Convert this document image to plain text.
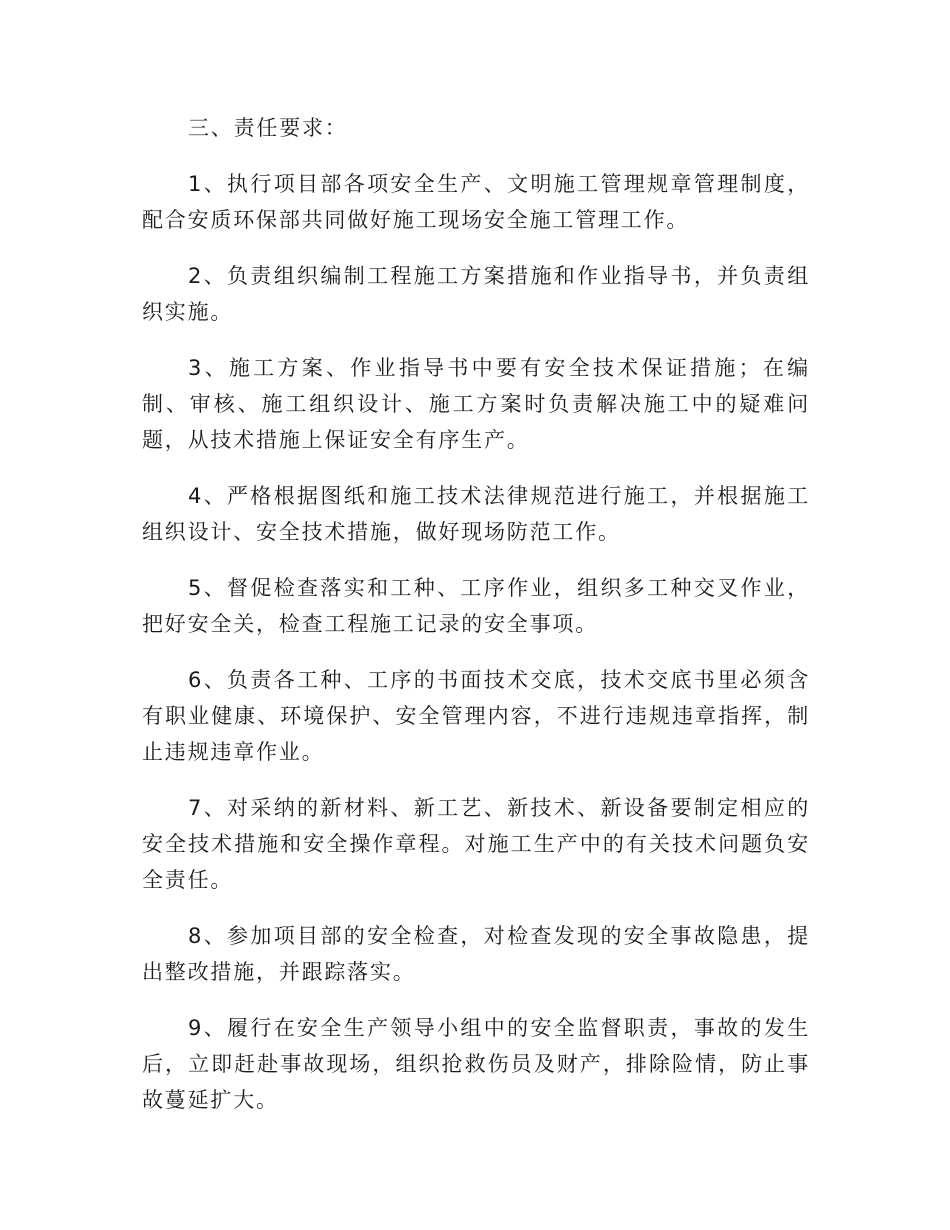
三、责任要求：

1、执行项目部各项安全生产、文明施工管理规章管理制度，配合安质环保部共同做好施工现场安全施工管理工作。

2、负责组织编制工程施工方案措施和作业指导书，并负责组织实施。

3、施工方案、作业指导书中要有安全技术保证措施；在编制、审核、施工组织设计、施工方案时负责解决施工中的疑难问题，从技术措施上保证安全有序生产。

4、严格根据图纸和施工技术法律规范进行施工，并根据施工组织设计、安全技术措施，做好现场防范工作。

5、督促检查落实和工种、工序作业，组织多工种交叉作业，把好安全关，检查工程施工记录的安全事项。

6、负责各工种、工序的书面技术交底，技术交底书里必须含有职业健康、环境保护、安全管理内容，不进行违规违章指挥，制止违规违章作业。

7、对采纳的新材料、新工艺、新技术、新设备要制定相应的安全技术措施和安全操作章程。对施工生产中的有关技术问题负安全责任。

8、参加项目部的安全检查，对检查发现的安全事故隐患，提出整改措施，并跟踪落实。

9、履行在安全生产领导小组中的安全监督职责，事故的发生后，立即赶赴事故现场，组织抢救伤员及财产，排除险情，防止事故蔓延扩大。
